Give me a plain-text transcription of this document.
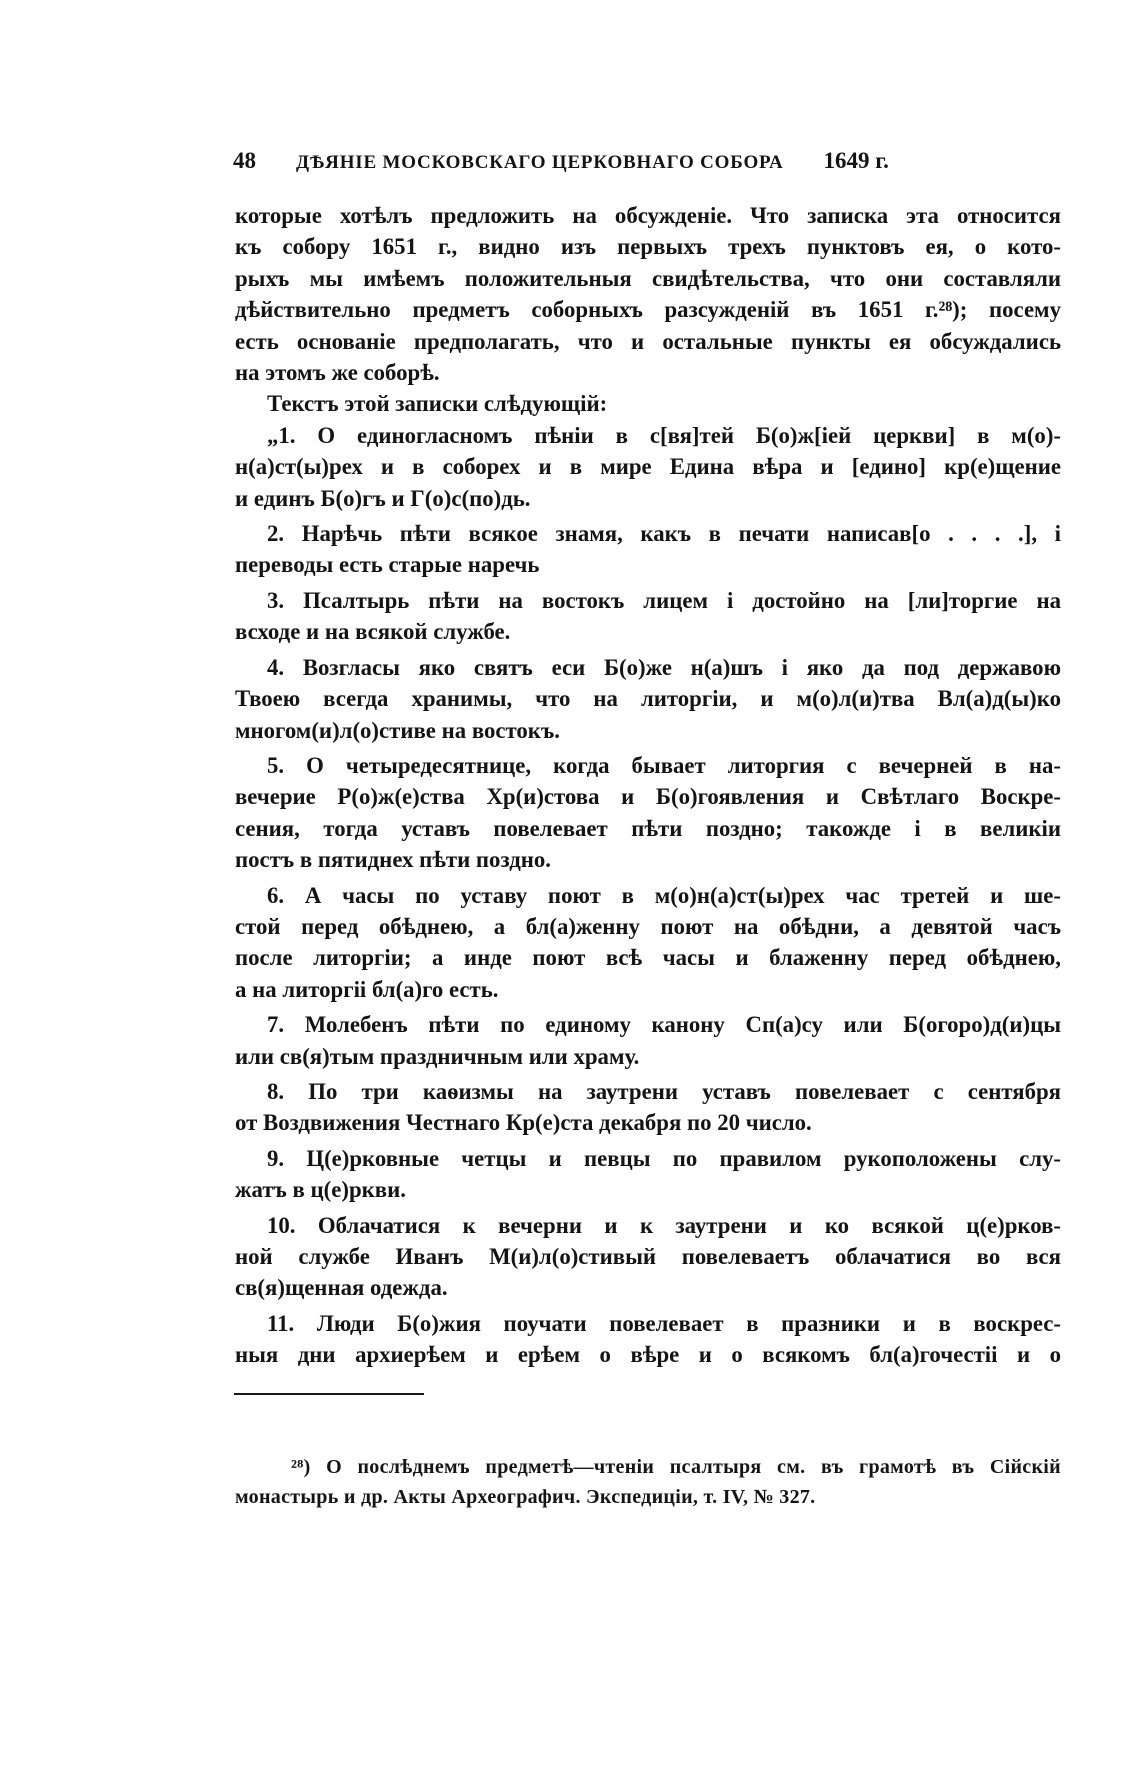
48 ДѢЯНIЕ МОСКОВСКАГО ЦЕРКОВНАГО СОБОРА 1649 г.
которые хотѣлъ предложить на обсужденіе. Что записка эта относится
къ собору 1651 г., видно изъ первыхъ трехъ пунктовъ ея, о кото-
рыхъ мы имѣемъ положительныя свидѣтельства, что они составляли
дѣйствительно предметъ соборныхъ разсужденій въ 1651 г.²⁸); посему
есть основаніе предполагать, что и остальные пункты ея обсуждались
на этомъ же соборѣ.
Текстъ этой записки слѣдующій:
„1. О единогласномъ пѣніи в с[вя]тей Б(о)ж[іей церкви] в м(о)-
н(а)ст(ы)рех и в соборех и в мире Едина вѣра и [едино] кр(е)щение
и единъ Б(о)гъ и Г(о)с(по)дь.
2. Нарѣчь пѣти всякое знамя, какъ в печати написав[о . . . .], і
переводы есть старые наречь
3. Псалтырь пѣти на востокъ лицем і достойно на [ли]торгие на
всходе и на всякой службе.
4. Возгласы яко святъ еси Б(о)же н(а)шъ і яко да под державою
Твоею всегда хранимы, что на литоргіи, и м(о)л(и)тва Вл(а)д(ы)ко
многом(и)л(о)стиве на востокъ.
5. О четыредесятнице, когда бывает литоргия с вечерней в на-
вечерие Р(о)ж(е)ства Хр(и)стова и Б(о)гоявления и Свѣтлаго Воскре-
сения, тогда уставъ повелевает пѣти поздно; такожде і в великіи
постъ в пятиднех пѣти поздно.
6. А часы по уставу поют в м(о)н(а)ст(ы)рех час третей и ше-
стой перед обѣднею, а бл(а)женну поют на обѣдни, а девятой часъ
после литоргіи; а инде поют всѣ часы и блаженну перед обѣднею,
а на литоргіі бл(а)го есть.
7. Молебенъ пѣти по единому канону Сп(а)су или Б(огоро)д(и)цы
или св(я)тым праздничным или храму.
8. По три каѳизмы на заутрени уставъ повелевает с сентября
от Воздвижения Честнаго Кр(е)ста декабря по 20 число.
9. Ц(е)рковные четцы и певцы по правилом рукоположены слу-
жатъ в ц(е)ркви.
10. Облачатися к вечерни и к заутрени и ко всякой ц(е)рков-
ной службе Иванъ М(и)л(о)стивый повелеваетъ облачатися во вся
св(я)щенная одежда.
11. Люди Б(о)жия поучати повелевает в празники и в воскрес-
ныя дни архиерѣем и ерѣем о вѣре и о всякомъ бл(а)гочестіі и о
²⁸) О послѣднемъ предметѣ—чтеніи псалтыря см. въ грамотѣ въ Сійскій
монастырь и др. Акты Археографич. Экспедиціи, т. IV, № 327.
